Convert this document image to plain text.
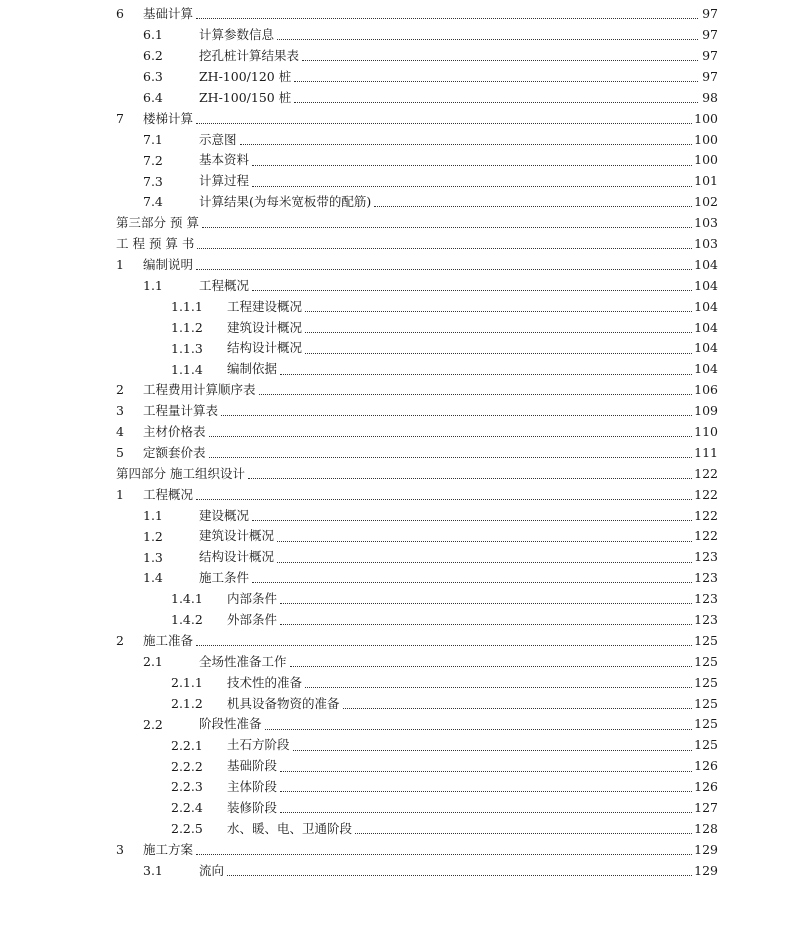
6 基础计算	97
6.1	计算参数信息	97
6.2	挖孔桩计算结果表	97
6.3	ZH-100/120 桩	97
6.4	ZH-100/150 桩	98
7 楼梯计算	100
7.1	示意图	100
7.2	基本资料	100
7.3	计算过程	101
7.4	计算结果(为每米宽板带的配筋)	102
第三部分 预 算	103
工 程 预 算 书	103
1 编制说明	104
1.1	工程概况	104
1.1.1 工程建设概况	104
1.1.2 建筑设计概况	104
1.1.3 结构设计概况	104
1.1.4 编制依据	104
2 工程费用计算顺序表	106
3 工程量计算表	109
4 主材价格表	110
5 定额套价表	111
第四部分 施工组织设计	122
1 工程概况	122
1.1	建设概况	122
1.2	建筑设计概况	122
1.3	结构设计概况	123
1.4	施工条件	123
1.4.1 内部条件	123
1.4.2 外部条件	123
2 施工准备	125
2.1	全场性准备工作	125
2.1.1 技术性的准备	125
2.1.2 机具设备物资的准备	125
2.2	阶段性准备	125
2.2.1 土石方阶段	125
2.2.2 基础阶段	126
2.2.3 主体阶段	126
2.2.4 装修阶段	127
2.2.5 水、暖、电、卫通阶段	128
3 施工方案	129
3.1	流向	129
